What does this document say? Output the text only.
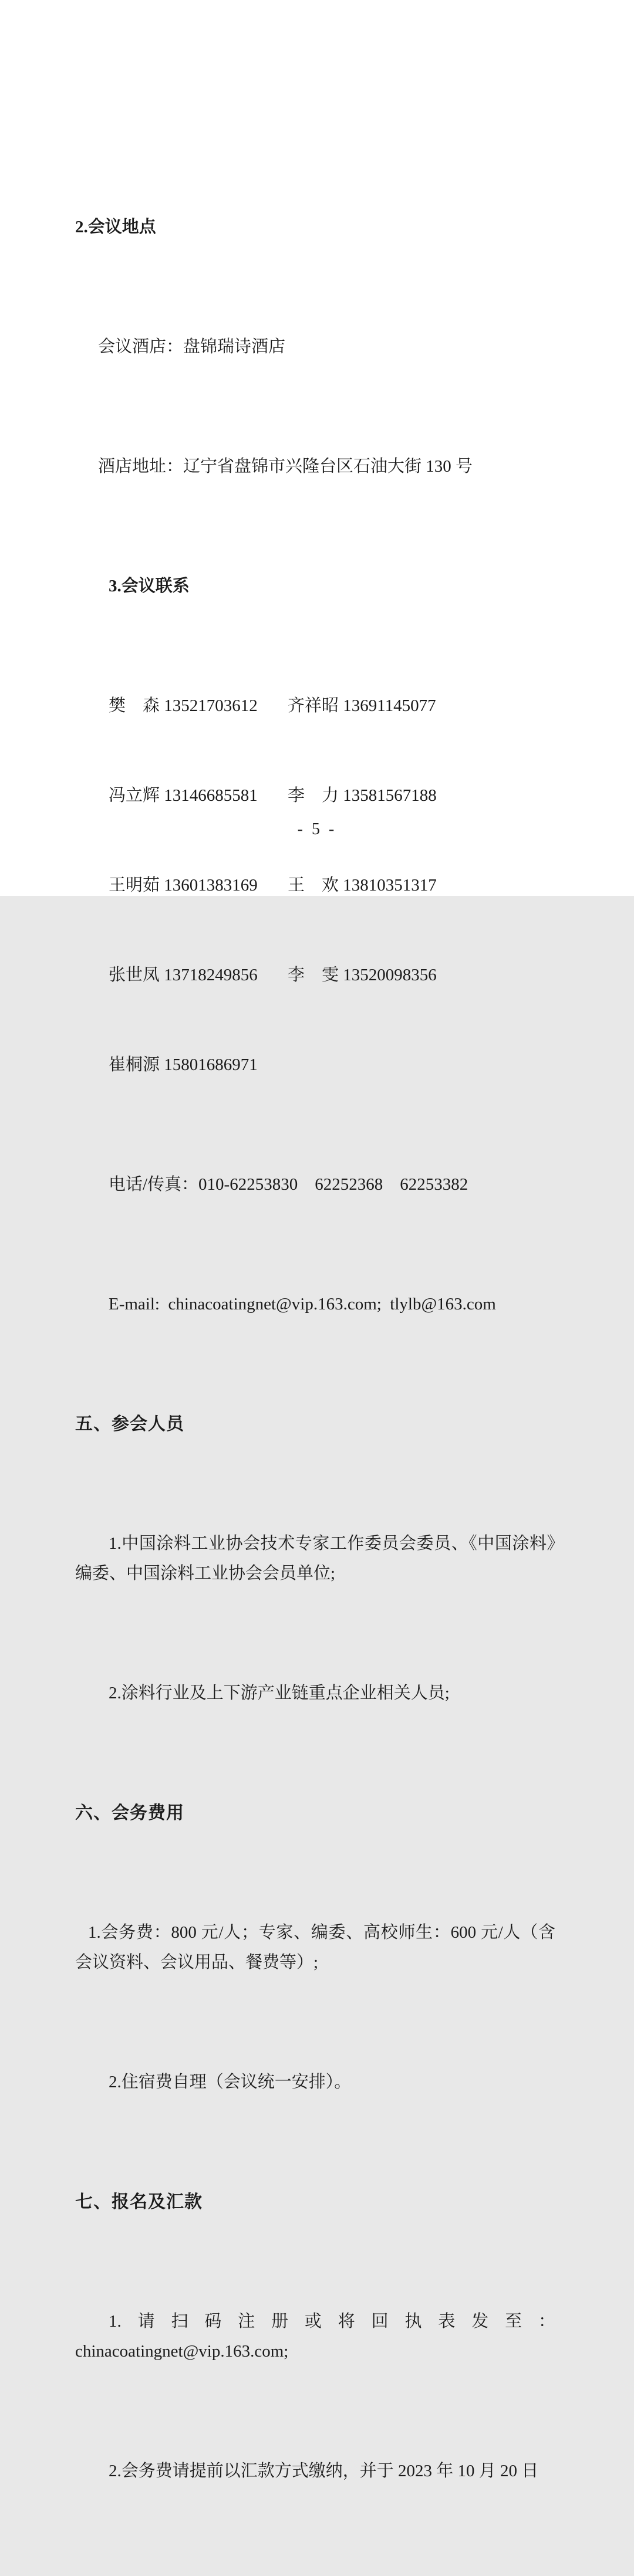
2.会议地点

会议酒店：盘锦瑞诗酒店

酒店地址：辽宁省盘锦市兴隆台区石油大街 130 号

3.会议联系

樊　森 13521703612	齐祥昭 13691145077

冯立辉 13146685581	李　力 13581567188

王明茹 13601383169	王　欢 13810351317

张世凤 13718249856	李　雯 13520098356

崔桐源 15801686971

电话/传真：010-62253830　62252368　62253382

E-mail:  chinacoatingnet@vip.163.com;  tlylb@163.com

五、参会人员

1.中国涂料工业协会技术专家工作委员会委员、《中国涂料》编委、中国涂料工业协会会员单位;

2.涂料行业及上下游产业链重点企业相关人员;

六、会务费用

1.会务费：800 元/人；专家、编委、高校师生：600 元/人（含会议资料、会议用品、餐费等）;

2.住宿费自理（会议统一安排）。

七、报名及汇款

1.请扫码注册或将回执表发至：chinacoatingnet@vip.163.com;

2.会务费请提前以汇款方式缴纳，并于 2023 年 10 月 20 日

- 5 -
